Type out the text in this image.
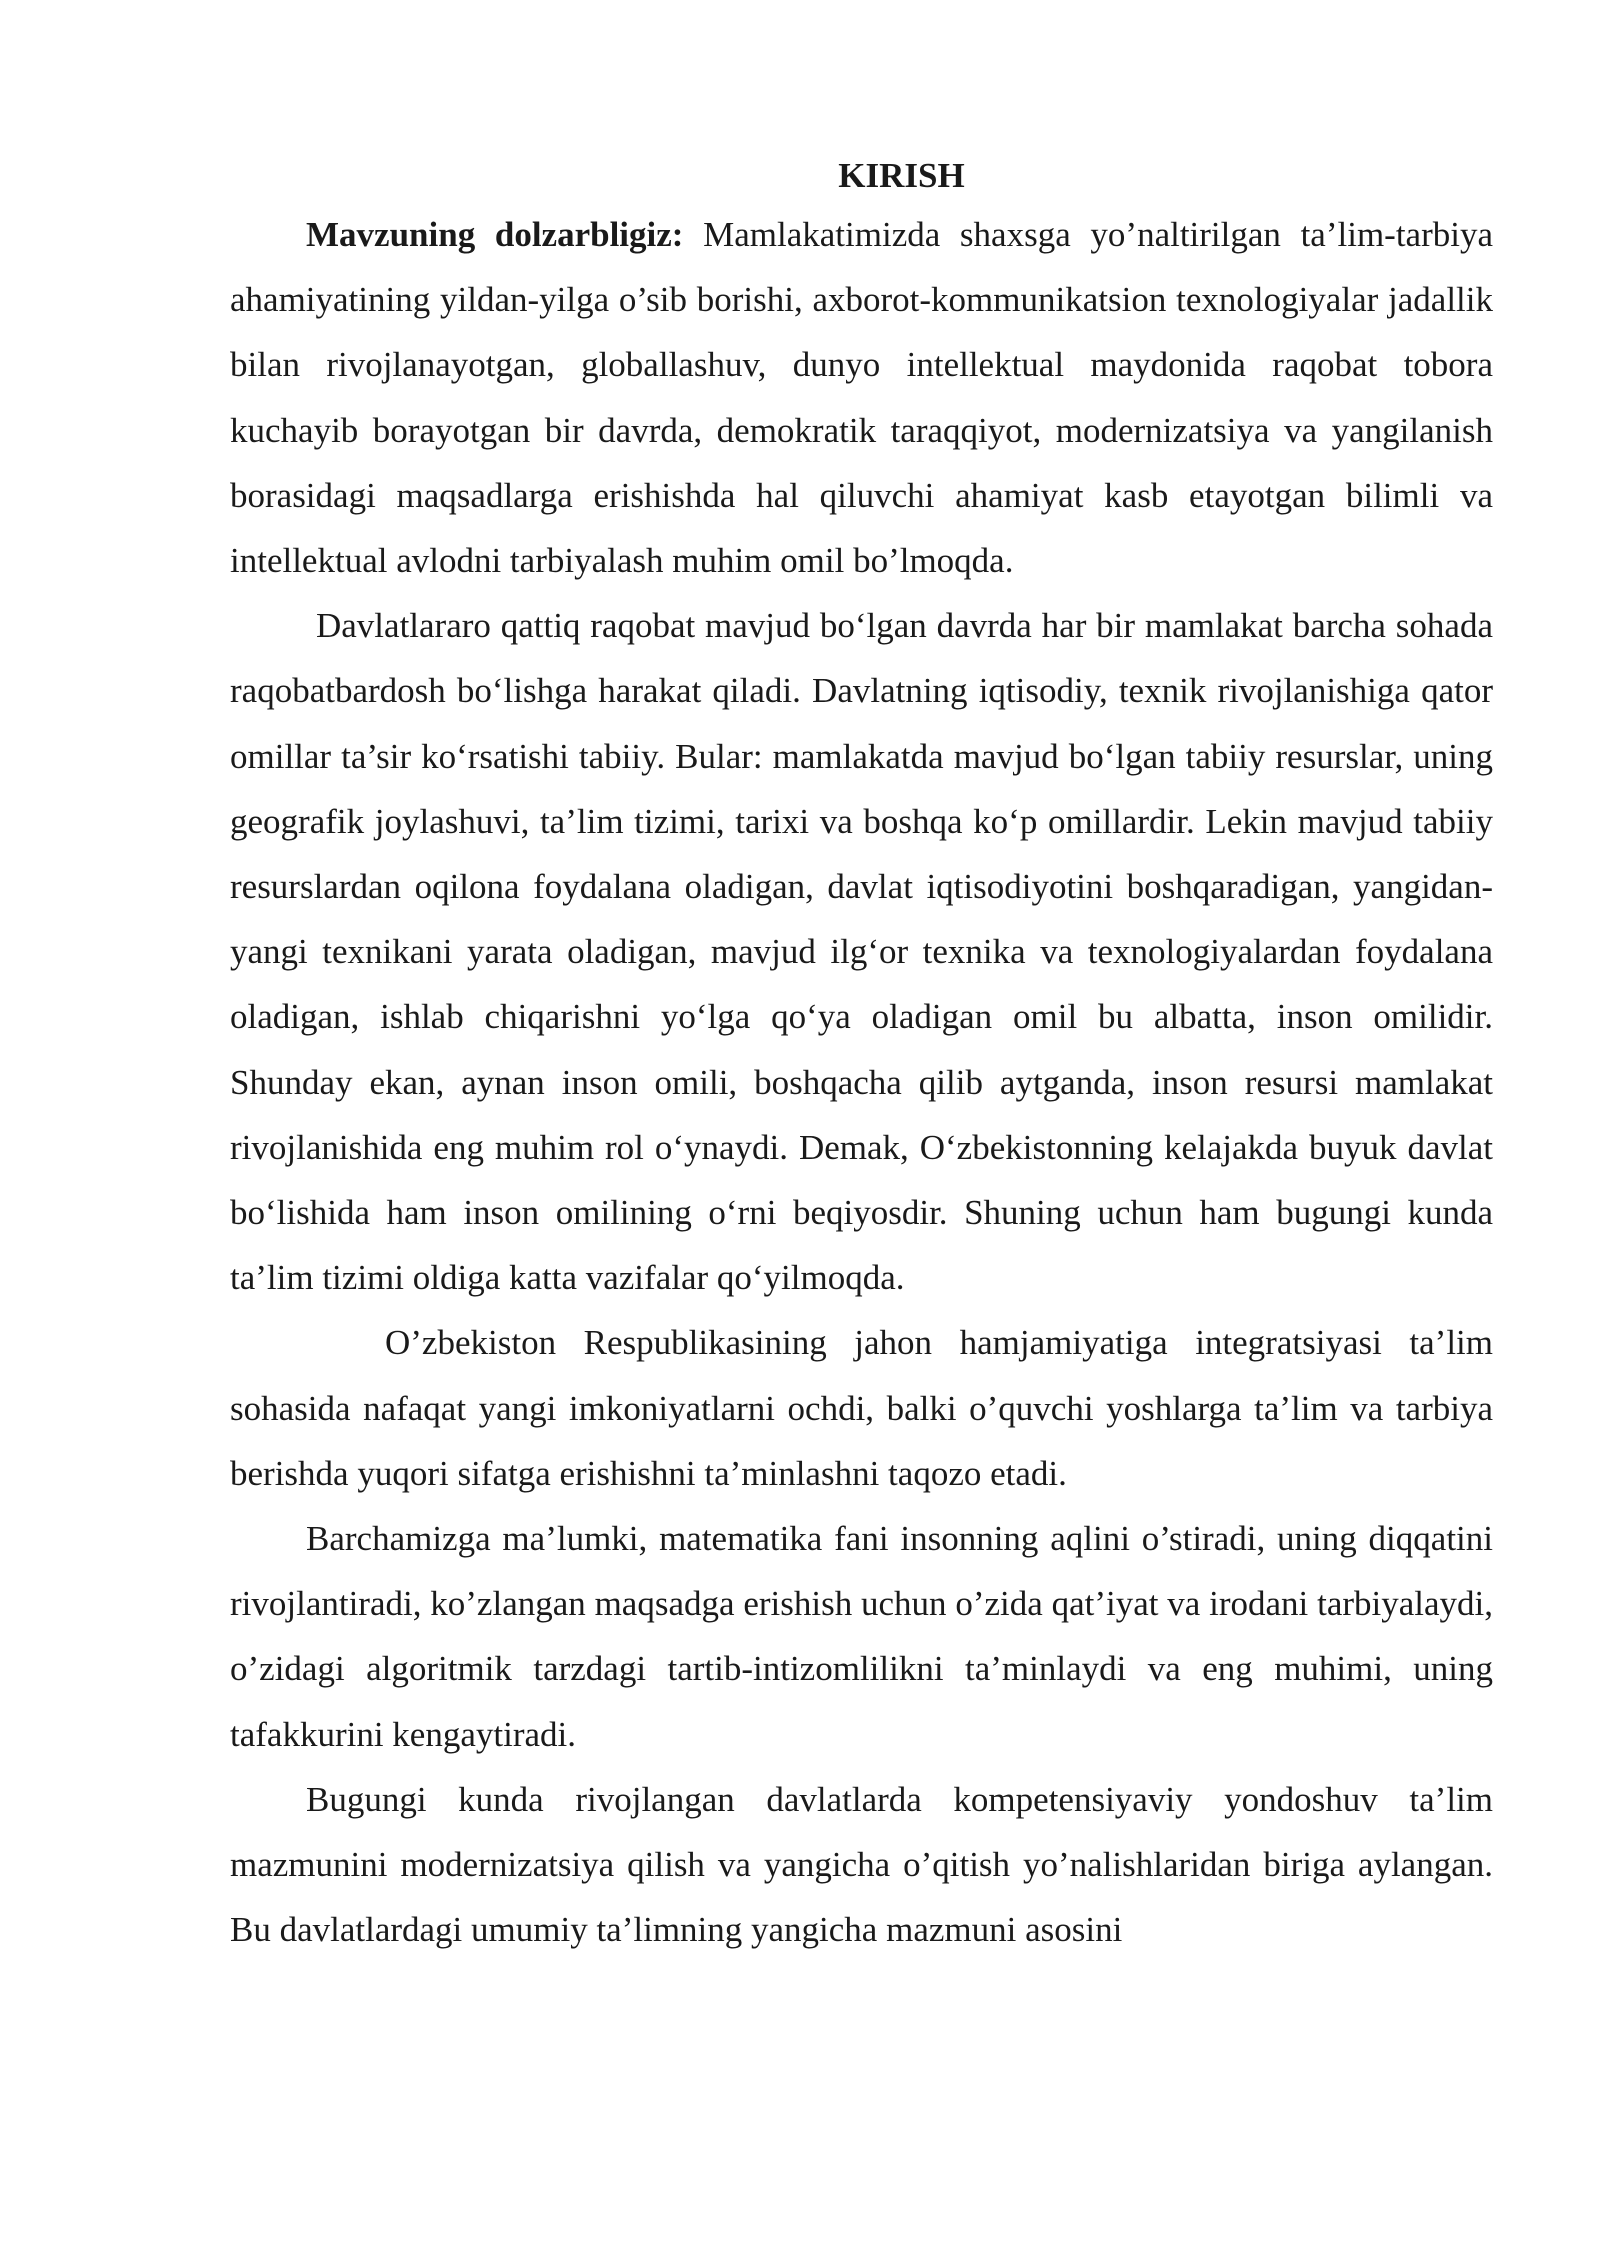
KIRISH

Mavzuning dolzarbligiz: Mamlakatimizda shaxsga yo’naltirilgan ta’lim-tarbiya ahamiyatining yildan-yilga o’sib borishi, axborot-kommunikatsion texnologiyalar jadallik bilan rivojlanayotgan, globallashuv, dunyo intellektual maydonida raqobat tobora kuchayib borayotgan bir davrda, demokratik taraqqiyot, modernizatsiya va yangilanish borasidagi maqsadlarga erishishda hal qiluvchi ahamiyat kasb etayotgan bilimli va intellektual avlodni tarbiyalash muhim omil bo’lmoqda.

Davlatlararo qattiq raqobat mavjud bo‘lgan davrda har bir mamlakat barcha sohada raqobatbardosh bo‘lishga harakat qiladi. Davlatning iqtisodiy, texnik rivojlanishiga qator omillar ta’sir ko‘rsatishi tabiiy. Bular: mamlakatda mavjud bo‘lgan tabiiy resurslar, uning geografik joylashuvi, ta’lim tizimi, tarixi va boshqa ko‘p omillardir. Lekin mavjud tabiiy resurslardan oqilona foydalana oladigan, davlat iqtisodiyotini boshqaradigan, yangidan-yangi texnikani yarata oladigan, mavjud ilg‘or texnika va texnologiyalardan foydalana oladigan, ishlab chiqarishni yo‘lga qo‘ya oladigan omil bu albatta, inson omilidir. Shunday ekan, aynan inson omili, boshqacha qilib aytganda, inson resursi mamlakat rivojlanishida eng muhim rol o‘ynaydi. Demak, O‘zbekistonning kelajakda buyuk davlat bo‘lishida ham inson omilining o‘rni beqiyosdir. Shuning uchun ham bugungi kunda ta’lim tizimi oldiga katta vazifalar qo‘yilmoqda.

O’zbekiston Respublikasining jahon hamjamiyatiga integratsiyasi ta’lim sohasida nafaqat yangi imkoniyatlarni ochdi, balki o’quvchi yoshlarga ta’lim va tarbiya berishda yuqori sifatga erishishni ta’minlashni taqozo etadi.

Barchamizga ma’lumki, matematika fani insonning aqlini o’stiradi, uning diqqatini rivojlantiradi, ko’zlangan maqsadga erishish uchun o’zida qat’iyat va irodani tarbiyalaydi, o’zidagi algoritmik tarzdagi tartib-intizomlilikni ta’minlaydi va eng muhimi, uning tafakkurini kengaytiradi.

Bugungi kunda rivojlangan davlatlarda kompetensiyaviy yondoshuv ta’lim mazmunini modernizatsiya qilish va yangicha o’qitish yo’nalishlaridan biriga aylangan. Bu davlatlardagi umumiy ta’limning yangicha mazmuni asosini
